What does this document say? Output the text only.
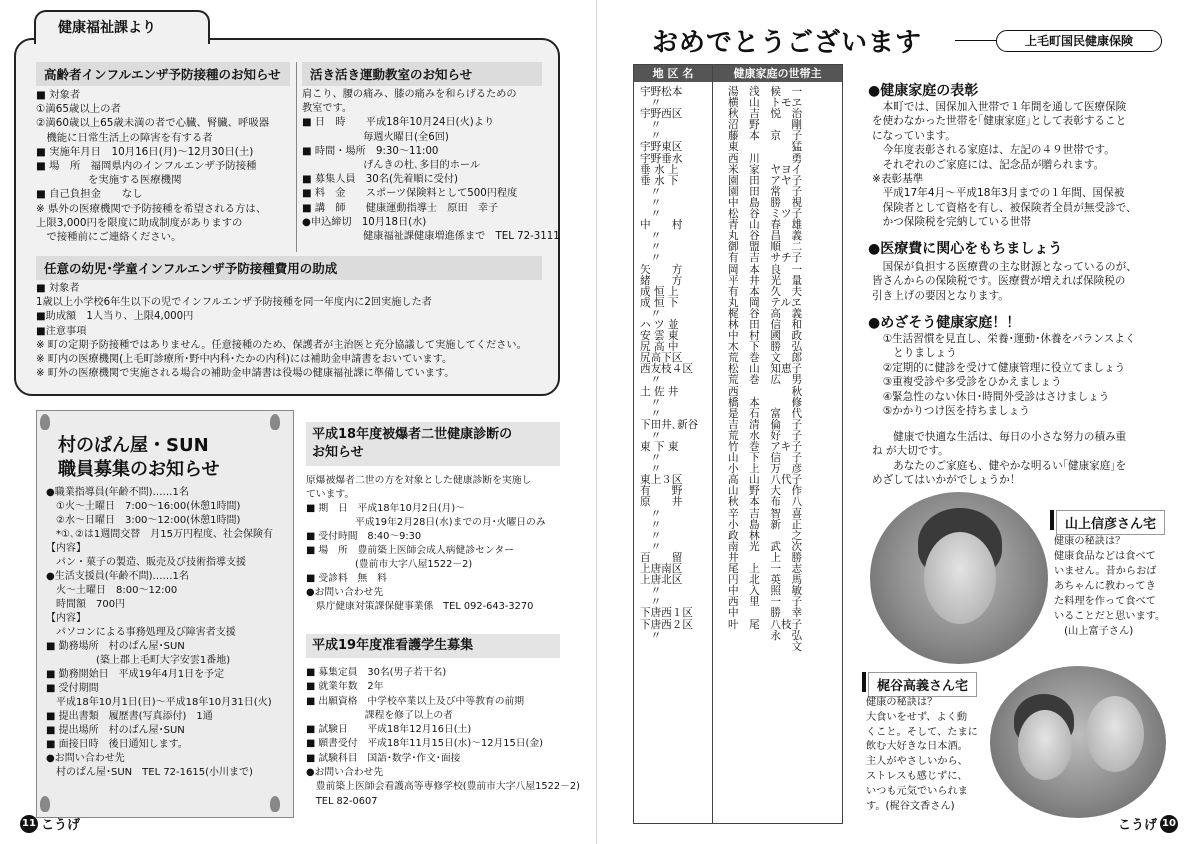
健康福祉課より
高齢者インフルエンザ予防接種のお知らせ
■ 対象者
①満65歳以上の者
②満60歳以上65歳未満の者で心臓、腎臓、呼吸器
　機能に日常生活上の障害を有する者
■ 実施年月日　10月16日(月)～12月30日(土)
■ 場　所　福岡県内のインフルエンザ予防接種
　　　　　を実施する医療機関
■ 自己負担金　　なし
※ 県外の医療機関で予防接種を希望される方は、
上限3,000円を限度に助成制度がありますの
　で接種前にご連絡ください。
活き活き運動教室のお知らせ
肩こり、腰の痛み、膝の痛みを和らげるための
教室です。
■ 日　時　　平成18年10月24日(火)より
　　　　　　毎週火曜日(全6回)
■ 時間・場所　9:30～11:00
　　　　　　げんきの杜､多目的ホール
■ 募集人員　30名(先着順に受付)
■ 料　金　　スポーツ保険料として500円程度
■ 講　師　　健康運動指導士　原田　幸子
●申込締切　10月18日(水)
　　　　　　健康福祉課健康増進係まで　TEL 72-3111
任意の幼児･学童インフルエンザ予防接種費用の助成
■ 対象者
1歳以上小学校6年生以下の児でインフルエンザ予防接種を同一年度内に2回実施した者
■助成額　1人当り、上限4,000円
■注意事項
※ 町の定期予防接種ではありません。任意接種のため、保護者が主治医と充分協議して実施してください。
※ 町内の医療機関(上毛町診療所･野中内科･たかの内科)には補助金申請書をおいています。
※ 町外の医療機関で実施される場合の補助金申請書は役場の健康福祉課に準備しています。
村のぱん屋・SUN
職員募集のお知らせ
●職業指導員(年齢不問)……1名
　①火～土曜日　7:00～16:00(休憩1時間)
　②水～日曜日　3:00～12:00(休憩1時間)
　*①､②は1週間交替　月15万円程度、社会保険有
【内容】
　パン・菓子の製造、販売及び技術指導支援
●生活支援員(年齢不問)……1名
　火～土曜日　8:00～12:00
　時間額　700円
【内容】
　パソコンによる事務処理及び障害者支援
■ 勤務場所　村のぱん屋･SUN
　　　　　(築上郡上毛町大字安雲1番地)
■ 勤務開始日　平成19年4月1日を予定
■ 受付期間
　平成18年10月1日(日)～平成18年10月31日(火)
■ 提出書類　履歴書(写真添付)　1通
■ 提出場所　村のぱん屋･SUN
■ 面接日時　後日通知します。
●お問い合わせ先
　村のぱん屋･SUN　TEL 72-1615(小川まで)
平成18年度被爆者二世健康診断の
お知らせ
原爆被爆者二世の方を対象とした健康診断を実施し
ています。
■ 期　日　平成18年10月2日(月)～
　　　　　平成19年2月28日(水)までの月･火曜日のみ
■ 受付時間　8:40～9:30
■ 場　所　豊前築上医師会成人病健診センター
　　　　　(豊前市大字八屋1522－2)
■ 受診料　無　料
●お問い合わせ先
　県庁健康対策課保健事業係　TEL 092-643-3270
平成19年度准看護学生募集
■ 募集定員　30名(男子若干名)
■ 就業年数　2年
■ 出願資格　中学校卒業以上及び中等教育の前期
　　　　　　課程を修了以上の者
■ 試験日　　平成18年12月16日(土)
■ 願書受付　平成18年11月15日(水)～12月15日(金)
■ 試験科目　国語･数学･作文･面接
●お問い合わせ先
　豊前築上医師会看護高等専修学校(豊前市大字八屋1522－2)
　TEL 82-0607
11 こうげ
おめでとうございます	上毛町国民健康保険
地 区 名	健康家庭の世帯主
宇野松本
　〃
宇野西区
　〃
　〃
宇野東区
宇野垂水
垂 水 上
垂 水 下
　〃
　〃
　〃
中　　村
　〃
　〃
　〃
矢　　方
緒　　方
成 恒 上
成 恒 下
　〃
ハ ツ 並
安 雲 東
尻 高 中
尻高下区
西友枝４区
　〃
土 佐 井
　〃
　〃
下田井､新谷
　〃
東 下 東
　〃
　〃
東上３区
有　　野
原　　井
　〃
　〃
　〃
　〃
百　　留
上唐南区
上唐北区
　〃
　〃
下唐西１区
下唐西２区
　〃
湯　浅　候　一
横　山　トモヱ
秋　吉　悦　治
沼　野　　　剛
藤　本　京　子
東　　　　　猛
西　川　　　勇
米　家　ヤヨイ
園　田　アヤ子
園　田　常　子
中　島　勝　視
松　谷　ミツ子
青　山　春　雄
丸　谷　昌　義
御　盟　順　二
有　吉　サチ子
岡　本　良　一
平　井　光　量
有　本　久　夫
丸　岡　テルヱ
梶　谷　高　義
林　田　信　和
中　村　國　政
木　下　勝　弘
荒　巻　文　郎
松　山　知恵子
荒　巻　広　男
西　　　　　秋
橋　本　　　修
是　石　富　代
吉　清　倫　子
荒　水　好　子
竹　巻　アキ子
山　下　信　子
小　上　万　彦
高　山　八代子
山　野　大　作
秋　本　布　八
辛　吉　智　喜
小　島　新　正
政　林　　　之
南　光　武　次
井　　　上　勝
尾　上　一　志
円　北　英　馬
中　入　照　敏
西　里　一　子
中　　　勝　幸
叶　尾　八枝子
　　　　永　弘
　　　　　　文
●健康家庭の表彰
　本町では、国保加入世帯で１年間を通して医療保険
を使わなかった世帯を｢健康家庭｣として表彰すること
になっています。
　今年度表彰される家庭は、左記の４９世帯です。
　それぞれのご家庭には、記念品が贈られます。
※表彰基準
　平成17年4月～平成18年3月までの１年間、国保被
　保険者として資格を有し、被保険者全員が無受診で、
　かつ保険税を完納している世帯
●医療費に関心をもちましょう
　国保が負担する医療費の主な財源となっているのが、
皆さんからの保険税です。医療費が増えれば保険税の
引き上げの要因となります。
●めざそう健康家庭！！
　①生活習慣を見直し、栄養･運動･休養をバランスよく
　　とりましょう
　②定期的に健診を受けて健康管理に役立てましょう
　③重複受診や多受診をひかえましょう
　④緊急性のない休日･時間外受診はさけましょう
　⑤かかりつけ医を持ちましょう
　　健康で快適な生活は、毎日の小さな努力の積み重
ね が大切です。
　　あなたのご家庭も、健やかな明るい｢健康家庭｣を
めざしてはいかがでしょうか！
山上信彦さん宅
健康の秘訣は？
健康食品などは食べて
いません。昔からおば
あちゃんに教わってき
た料理を作って食べて
いることだと思います。
　(山上富子さん)
梶谷高義さん宅
健康の秘訣は？
大食いをせず、よく動
くこと。そして、たまに
飲む大好きな日本酒。
主人がやさしいから、
ストレスも感じずに、
いつも元気でいられま
す。(梶谷文香さん)
こうげ 10
